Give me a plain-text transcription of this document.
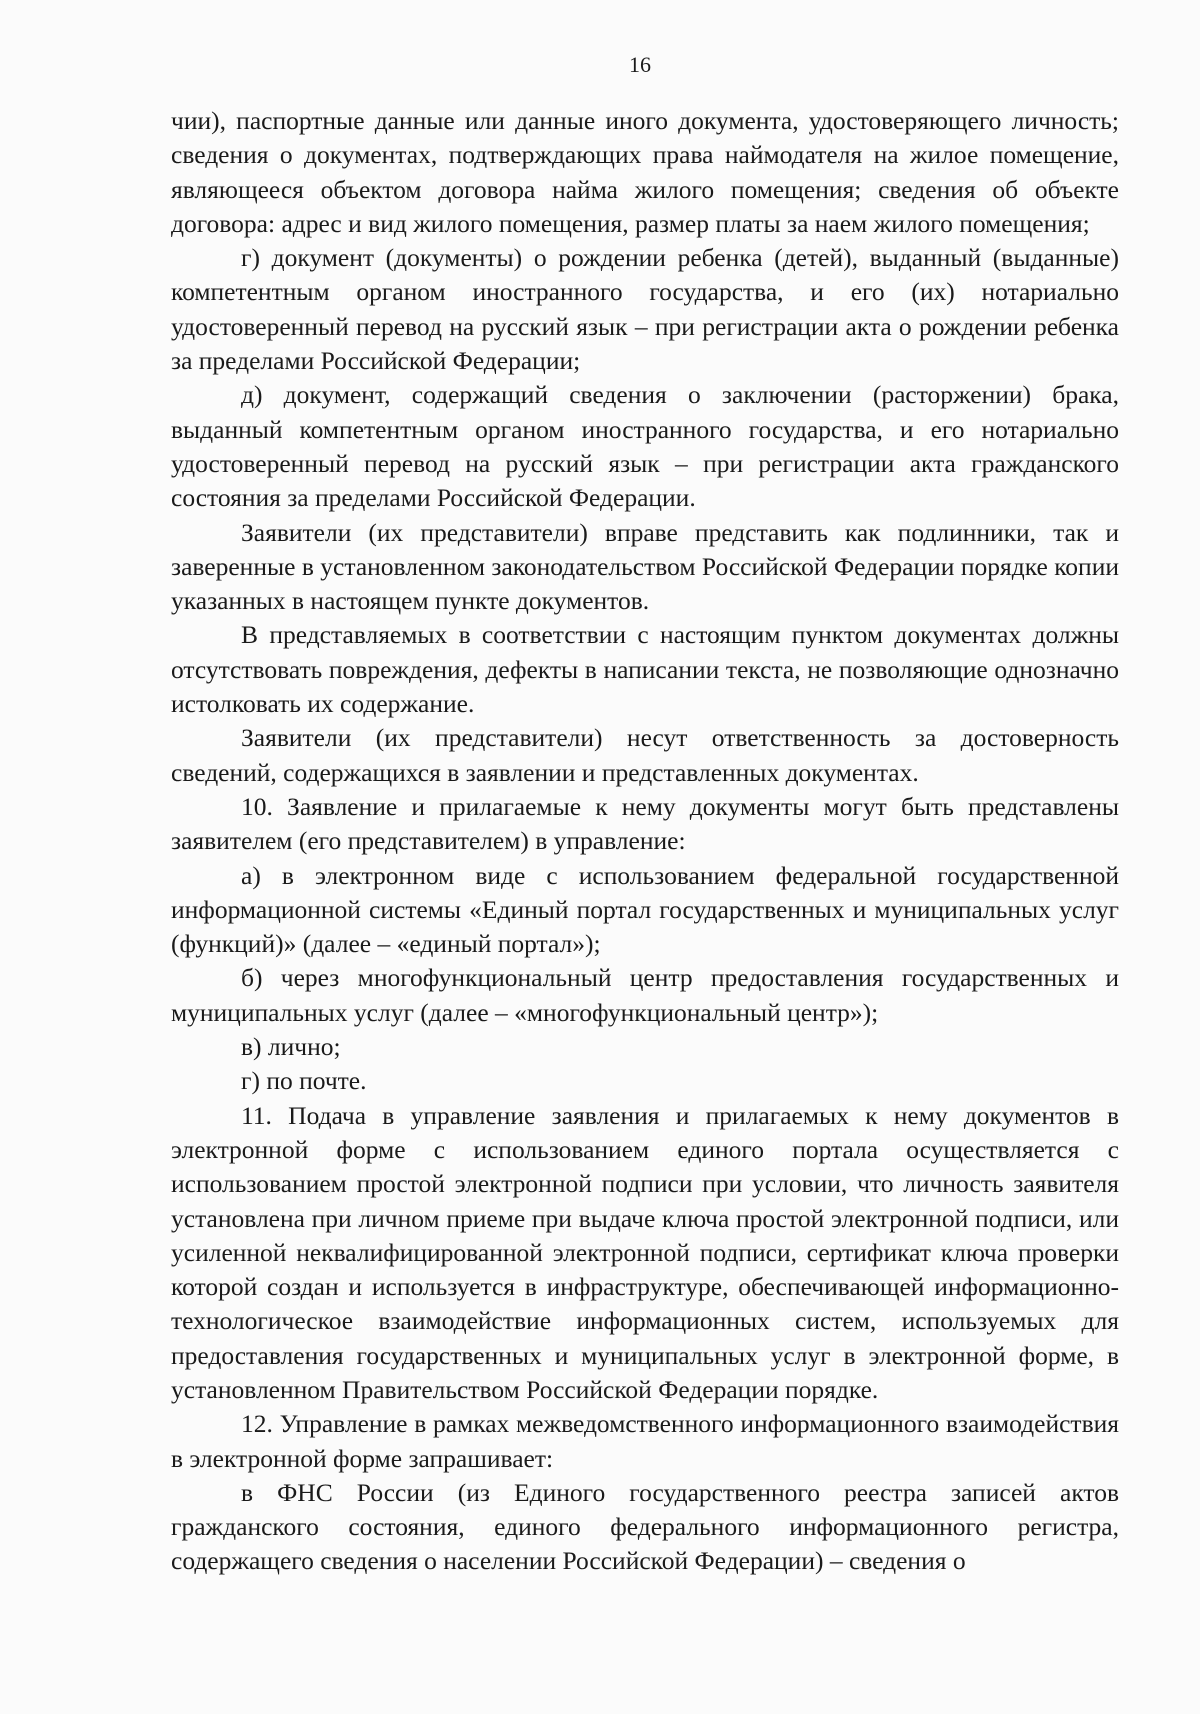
16

чии), паспортные данные или данные иного документа, удостоверяющего личность; сведения о документах, подтверждающих права наймодателя на жилое помещение, являющееся объектом договора найма жилого помещения; сведения об объекте договора: адрес и вид жилого помещения, размер платы за наем жилого помещения;

г) документ (документы) о рождении ребенка (детей), выданный (выданные) компетентным органом иностранного государства, и его (их) нотариально удостоверенный перевод на русский язык – при регистрации акта о рождении ребенка за пределами Российской Федерации;

д) документ, содержащий сведения о заключении (расторжении) брака, выданный компетентным органом иностранного государства, и его нотариально удостоверенный перевод на русский язык – при регистрации акта гражданского состояния за пределами Российской Федерации.

Заявители (их представители) вправе представить как подлинники, так и заверенные в установленном законодательством Российской Федерации порядке копии указанных в настоящем пункте документов.

В представляемых в соответствии с настоящим пунктом документах должны отсутствовать повреждения, дефекты в написании текста, не позволяющие однозначно истолковать их содержание.

Заявители (их представители) несут ответственность за достоверность сведений, содержащихся в заявлении и представленных документах.

10. Заявление и прилагаемые к нему документы могут быть представлены заявителем (его представителем) в управление:

а) в электронном виде с использованием федеральной государственной информационной системы «Единый портал государственных и муниципальных услуг (функций)» (далее – «единый портал»);

б) через многофункциональный центр предоставления государственных и муниципальных услуг (далее – «многофункциональный центр»);

в) лично;

г) по почте.

11. Подача в управление заявления и прилагаемых к нему документов в электронной форме с использованием единого портала осуществляется с использованием простой электронной подписи при условии, что личность заявителя установлена при личном приеме при выдаче ключа простой электронной подписи, или усиленной неквалифицированной электронной подписи, сертификат ключа проверки которой создан и используется в инфраструктуре, обеспечивающей информационно-технологическое взаимодействие информационных систем, используемых для предоставления государственных и муниципальных услуг в электронной форме, в установленном Правительством Российской Федерации порядке.

12. Управление в рамках межведомственного информационного взаимодействия в электронной форме запрашивает:

в ФНС России (из Единого государственного реестра записей актов гражданского состояния, единого федерального информационного регистра, содержащего сведения о населении Российской Федерации) – сведения о
